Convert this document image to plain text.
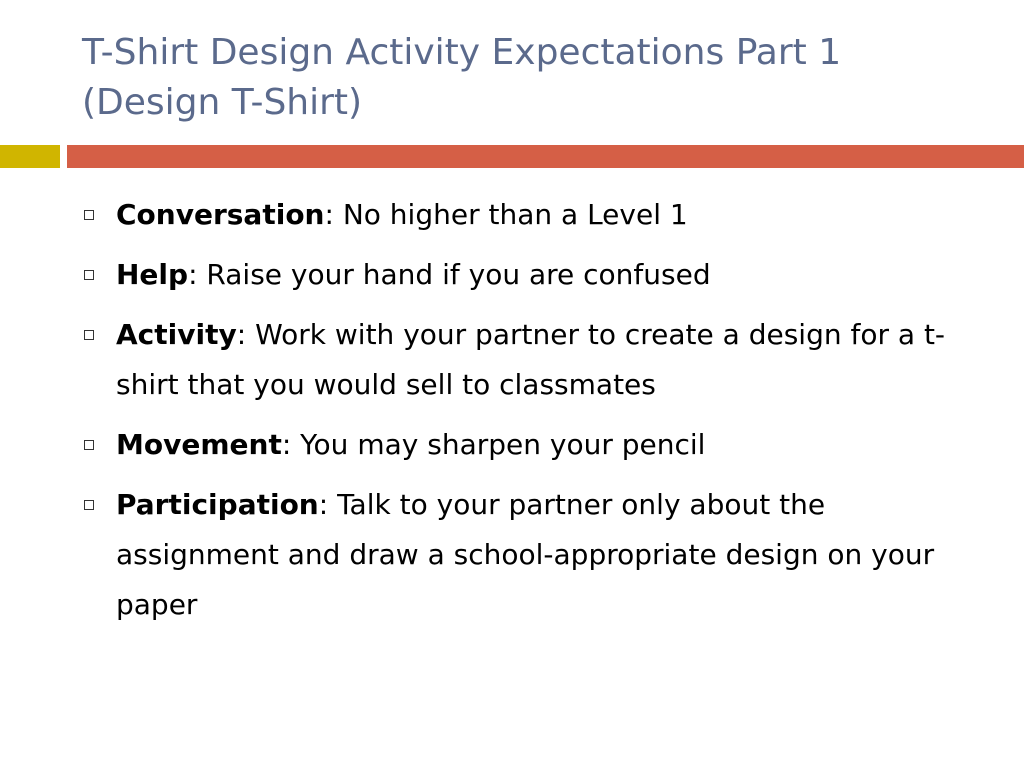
T-Shirt Design Activity Expectations Part 1
(Design T-Shirt)
Conversation: No higher than a Level 1
Help: Raise your hand if you are confused
Activity: Work with your partner to create a design for a t-shirt that you would sell to classmates
Movement: You may sharpen your pencil
Participation: Talk to your partner only about the assignment and draw a school-appropriate design on your paper
